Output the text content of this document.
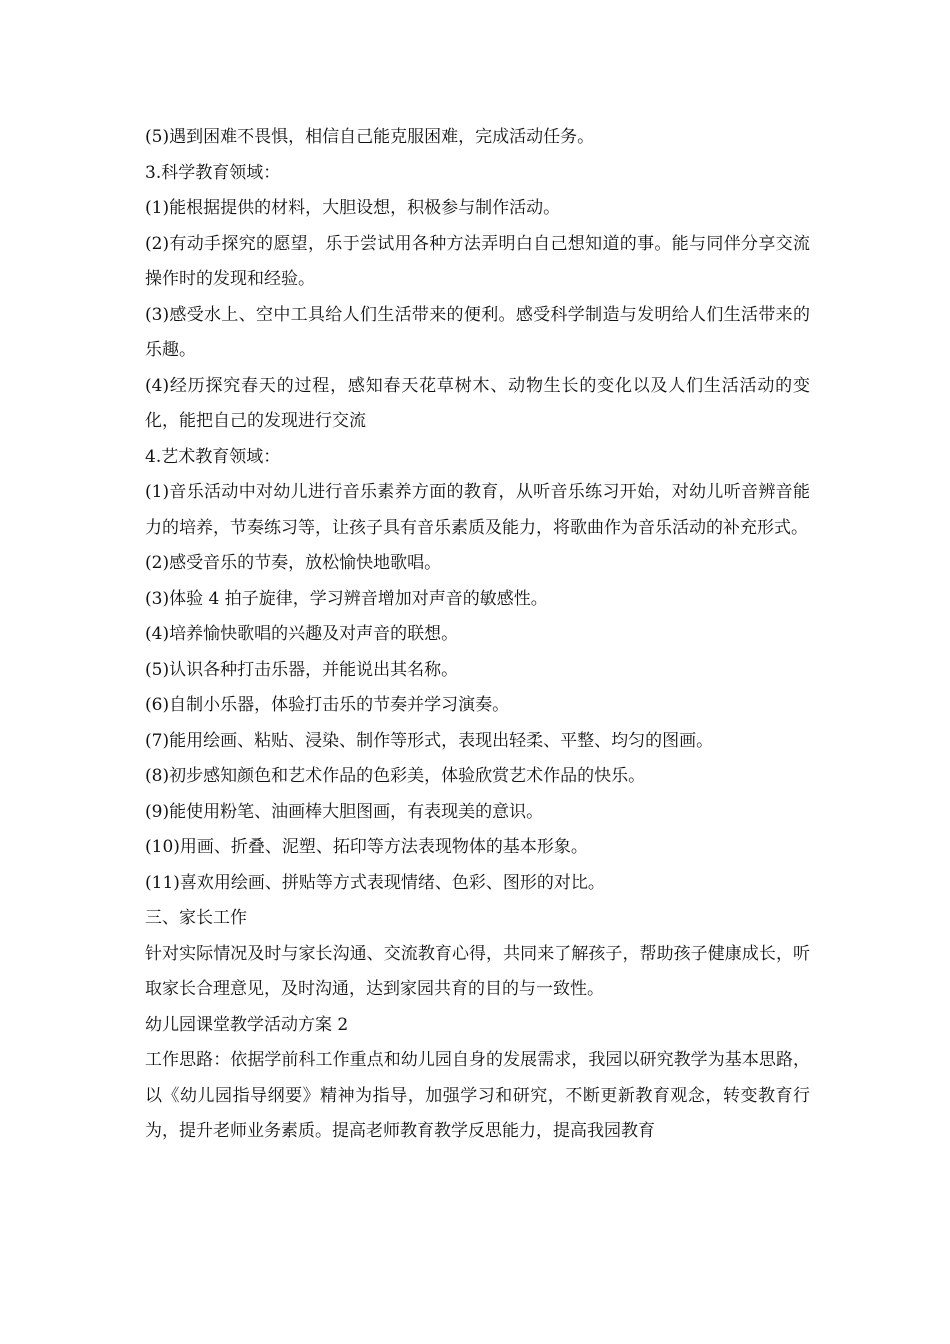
(5)遇到困难不畏惧，相信自己能克服困难，完成活动任务。

3.科学教育领域：

(1)能根据提供的材料，大胆设想，积极参与制作活动。

(2)有动手探究的愿望，乐于尝试用各种方法弄明白自己想知道的事。能与同伴分享交流操作时的发现和经验。

(3)感受水上、空中工具给人们生活带来的便利。感受科学制造与发明给人们生活带来的乐趣。

(4)经历探究春天的过程，感知春天花草树木、动物生长的变化以及人们生活活动的变化，能把自己的发现进行交流

4.艺术教育领域：

(1)音乐活动中对幼儿进行音乐素养方面的教育，从听音乐练习开始，对幼儿听音辨音能力的培养，节奏练习等，让孩子具有音乐素质及能力，将歌曲作为音乐活动的补充形式。

(2)感受音乐的节奏，放松愉快地歌唱。

(3)体验 4 拍子旋律，学习辨音增加对声音的敏感性。

(4)培养愉快歌唱的兴趣及对声音的联想。

(5)认识各种打击乐器，并能说出其名称。

(6)自制小乐器，体验打击乐的节奏并学习演奏。

(7)能用绘画、粘贴、浸染、制作等形式，表现出轻柔、平整、均匀的图画。

(8)初步感知颜色和艺术作品的色彩美，体验欣赏艺术作品的快乐。

(9)能使用粉笔、油画棒大胆图画，有表现美的意识。

(10)用画、折叠、泥塑、拓印等方法表现物体的基本形象。

(11)喜欢用绘画、拼贴等方式表现情绪、色彩、图形的对比。

三、家长工作

针对实际情况及时与家长沟通、交流教育心得，共同来了解孩子，帮助孩子健康成长，听取家长合理意见，及时沟通，达到家园共育的目的与一致性。

幼儿园课堂教学活动方案 2

工作思路：依据学前科工作重点和幼儿园自身的发展需求，我园以研究教学为基本思路，以《幼儿园指导纲要》精神为指导，加强学习和研究，不断更新教育观念，转变教育行为，提升老师业务素质。提高老师教育教学反思能力，提高我园教育
